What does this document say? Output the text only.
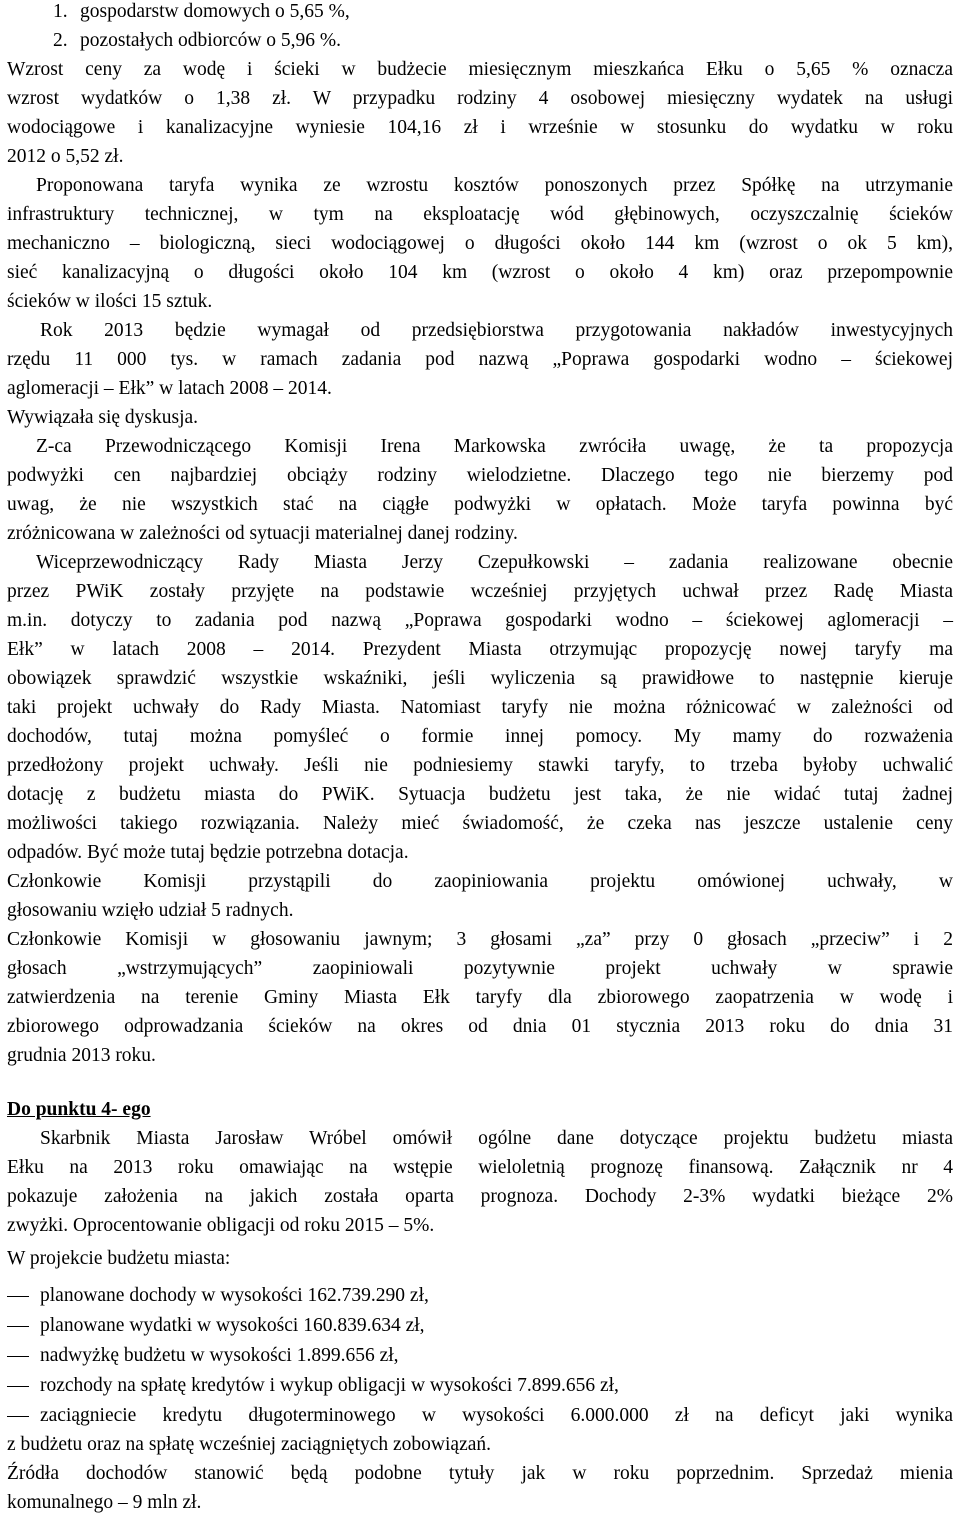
1. gospodarstw domowych o 5,65 %,
2. pozostałych odbiorców o 5,96 %.
Wzrost ceny za wodę i ścieki w budżecie miesięcznym mieszkańca Ełku o 5,65 % oznacza
wzrost wydatków o 1,38 zł. W przypadku rodziny 4 osobowej miesięczny wydatek na usługi
wodociągowe i kanalizacyjne wyniesie 104,16 zł i wrześnie w stosunku do wydatku w roku
2012 o 5,52 zł.
Proponowana taryfa wynika ze wzrostu kosztów ponoszonych przez Spółkę na utrzymanie
infrastruktury technicznej, w tym na eksploatację wód głębinowych, oczyszczalnię ścieków
mechaniczno – biologiczną, sieci wodociągowej o długości około 144 km (wzrost o ok 5 km),
sieć kanalizacyjną o długości około 104 km (wzrost o około 4 km) oraz przepompownie
ścieków w ilości 15 sztuk.
Rok 2013 będzie wymagał od przedsiębiorstwa przygotowania nakładów inwestycyjnych
rzędu 11 000 tys. w ramach zadania pod nazwą „Poprawa gospodarki wodno – ściekowej
aglomeracji – Ełk” w latach 2008 – 2014.
Wywiązała się dyskusja.
Z-ca Przewodniczącego Komisji Irena Markowska zwróciła uwagę, że ta propozycja
podwyżki cen najbardziej obciąży rodziny wielodzietne. Dlaczego tego nie bierzemy pod
uwag, że nie wszystkich stać na ciągłe podwyżki w opłatach. Może taryfa powinna być
zróżnicowana w zależności od sytuacji materialnej danej rodziny.
Wiceprzewodniczący Rady Miasta Jerzy Czepułkowski – zadania realizowane obecnie
przez PWiK zostały przyjęte na podstawie wcześniej przyjętych uchwał przez Radę Miasta
m.in. dotyczy to zadania pod nazwą „Poprawa gospodarki wodno – ściekowej aglomeracji –
Ełk” w latach 2008 – 2014. Prezydent Miasta otrzymując propozycję nowej taryfy ma
obowiązek sprawdzić wszystkie wskaźniki, jeśli wyliczenia są prawidłowe to następnie kieruje
taki projekt uchwały do Rady Miasta. Natomiast taryfy nie można różnicować w zależności od
dochodów, tutaj można pomyśleć o formie innej pomocy. My mamy do rozważenia
przedłożony projekt uchwały. Jeśli nie podniesiemy stawki taryfy, to trzeba byłoby uchwalić
dotację z budżetu miasta do PWiK. Sytuacja budżetu jest taka, że nie widać tutaj żadnej
możliwości takiego rozwiązania. Należy mieć świadomość, że czeka nas jeszcze ustalenie ceny
odpadów. Być może tutaj będzie potrzebna dotacja.
Członkowie Komisji przystąpili do zaopiniowania projektu omówionej uchwały, w
głosowaniu wzięło udział 5 radnych.
Członkowie Komisji w głosowaniu jawnym; 3 głosami „za” przy 0 głosach „przeciw” i 2
głosach „wstrzymujących” zaopiniowali pozytywnie projekt uchwały w sprawie
zatwierdzenia na terenie Gminy Miasta Ełk taryfy dla zbiorowego zaopatrzenia w wodę i
zbiorowego odprowadzania ścieków na okres od dnia 01 stycznia 2013 roku do dnia 31
grudnia 2013 roku.
Do punktu 4- ego
Skarbnik Miasta Jarosław Wróbel omówił ogólne dane dotyczące projektu budżetu miasta
Ełku na 2013 roku omawiając na wstępie wieloletnią prognozę finansową. Załącznik nr 4
pokazuje założenia na jakich została oparta prognoza. Dochody 2-3% wydatki bieżące 2%
zwyżki. Oprocentowanie obligacji od roku 2015 – 5%.
W projekcie budżetu miasta:
planowane dochody w wysokości 162.739.290 zł,
planowane wydatki w wysokości 160.839.634 zł,
nadwyżkę budżetu w wysokości 1.899.656 zł,
rozchody na spłatę kredytów i wykup obligacji w wysokości 7.899.656 zł,
zaciągniecie kredytu długoterminowego w wysokości 6.000.000 zł na deficyt jaki wynika
z budżetu oraz na spłatę wcześniej zaciągniętych zobowiązań.
Źródła dochodów stanowić będą podobne tytuły jak w roku poprzednim. Sprzedaż mienia
komunalnego – 9 mln zł.
